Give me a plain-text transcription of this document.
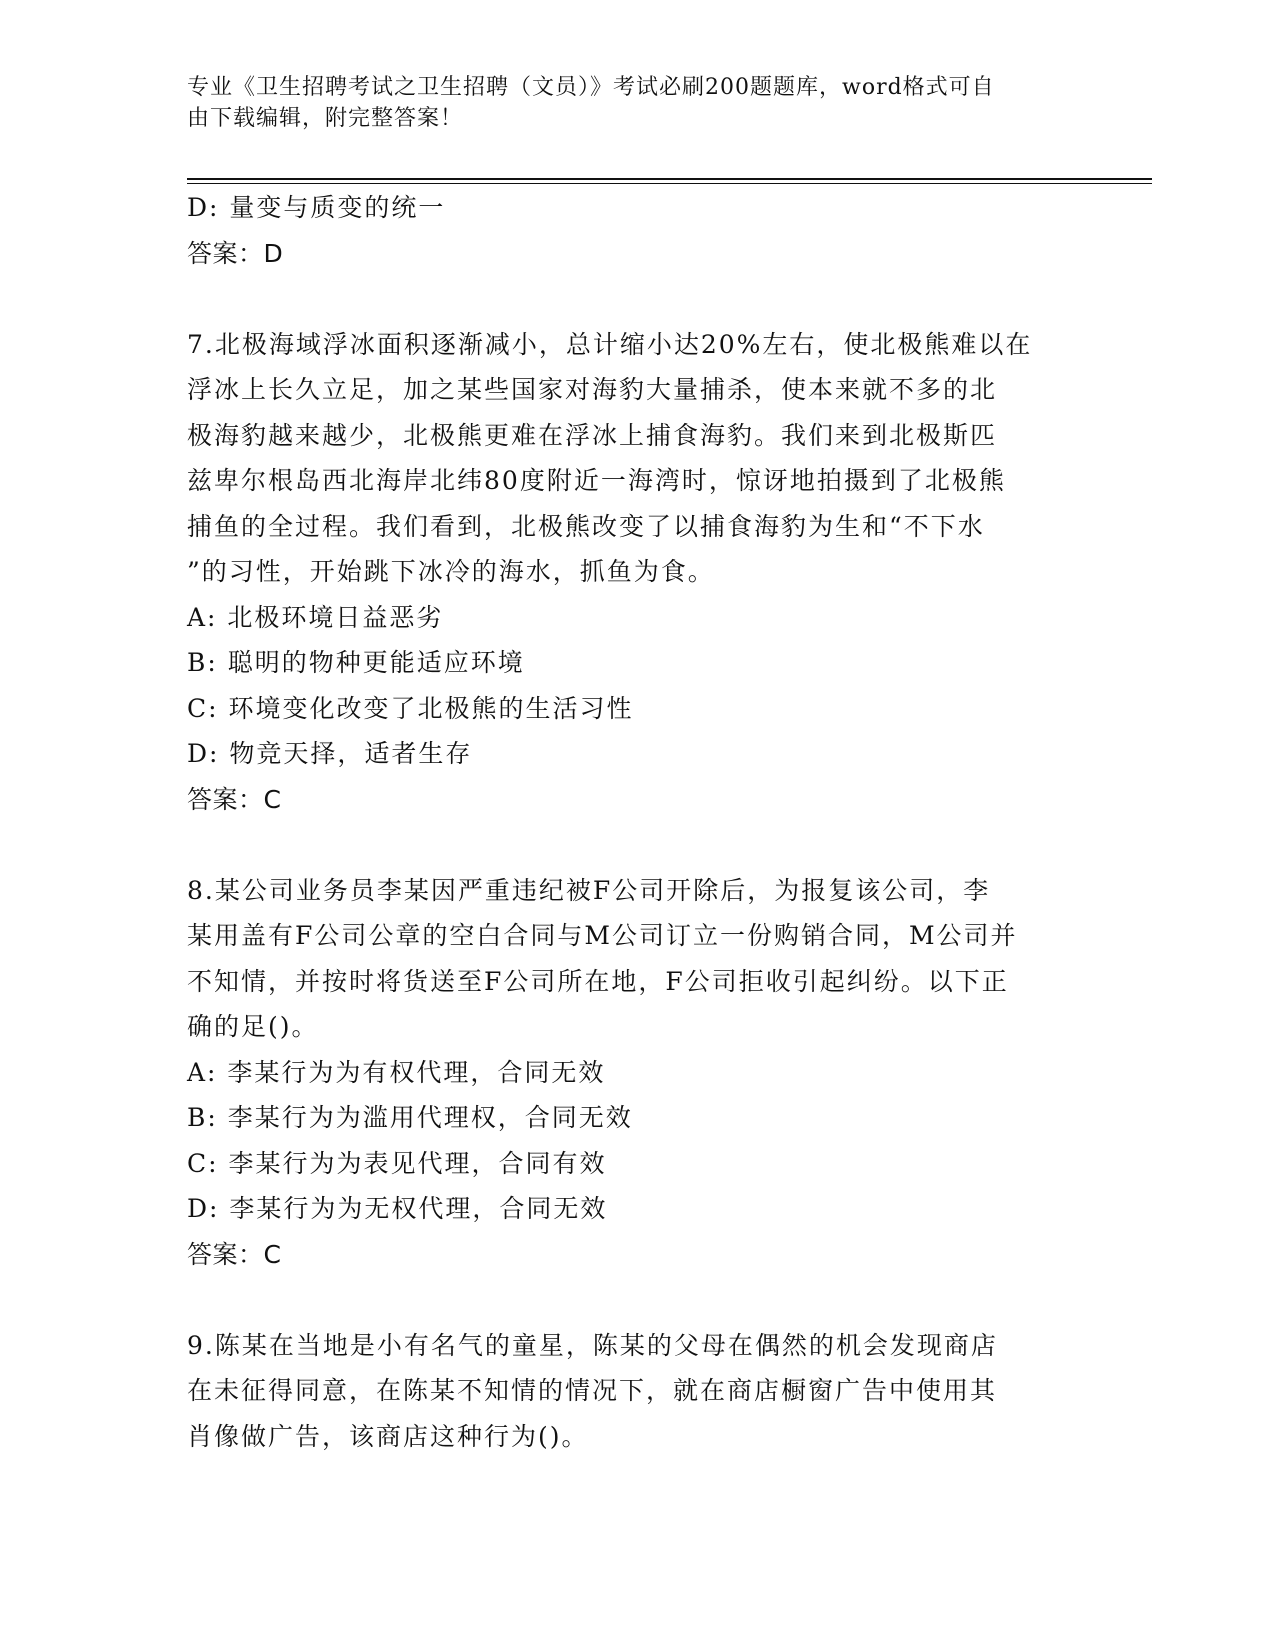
专业《卫生招聘考试之卫生招聘（文员）》考试必刷200题题库，word格式可自
由下载编辑，附完整答案！
D: 量变与质变的统一
答案：D
7.北极海域浮冰面积逐渐减小，总计缩小达20%左右，使北极熊难以在
浮冰上长久立足，加之某些国家对海豹大量捕杀，使本来就不多的北
极海豹越来越少，北极熊更难在浮冰上捕食海豹。我们来到北极斯匹
兹卑尔根岛西北海岸北纬80度附近一海湾时，惊讶地拍摄到了北极熊
捕鱼的全过程。我们看到，北极熊改变了以捕食海豹为生和“不下水
”的习性，开始跳下冰冷的海水，抓鱼为食。
A: 北极环境日益恶劣
B: 聪明的物种更能适应环境
C: 环境变化改变了北极熊的生活习性
D: 物竞天择，适者生存
答案：C
8.某公司业务员李某因严重违纪被F公司开除后，为报复该公司，李
某用盖有F公司公章的空白合同与M公司订立一份购销合同，M公司并
不知情，并按时将货送至F公司所在地，F公司拒收引起纠纷。以下正
确的足()。
A: 李某行为为有权代理，合同无效
B: 李某行为为滥用代理权，合同无效
C: 李某行为为表见代理，合同有效
D: 李某行为为无权代理，合同无效
答案：C
9.陈某在当地是小有名气的童星，陈某的父母在偶然的机会发现商店
在未征得同意，在陈某不知情的情况下，就在商店橱窗广告中使用其
肖像做广告，该商店这种行为()。
